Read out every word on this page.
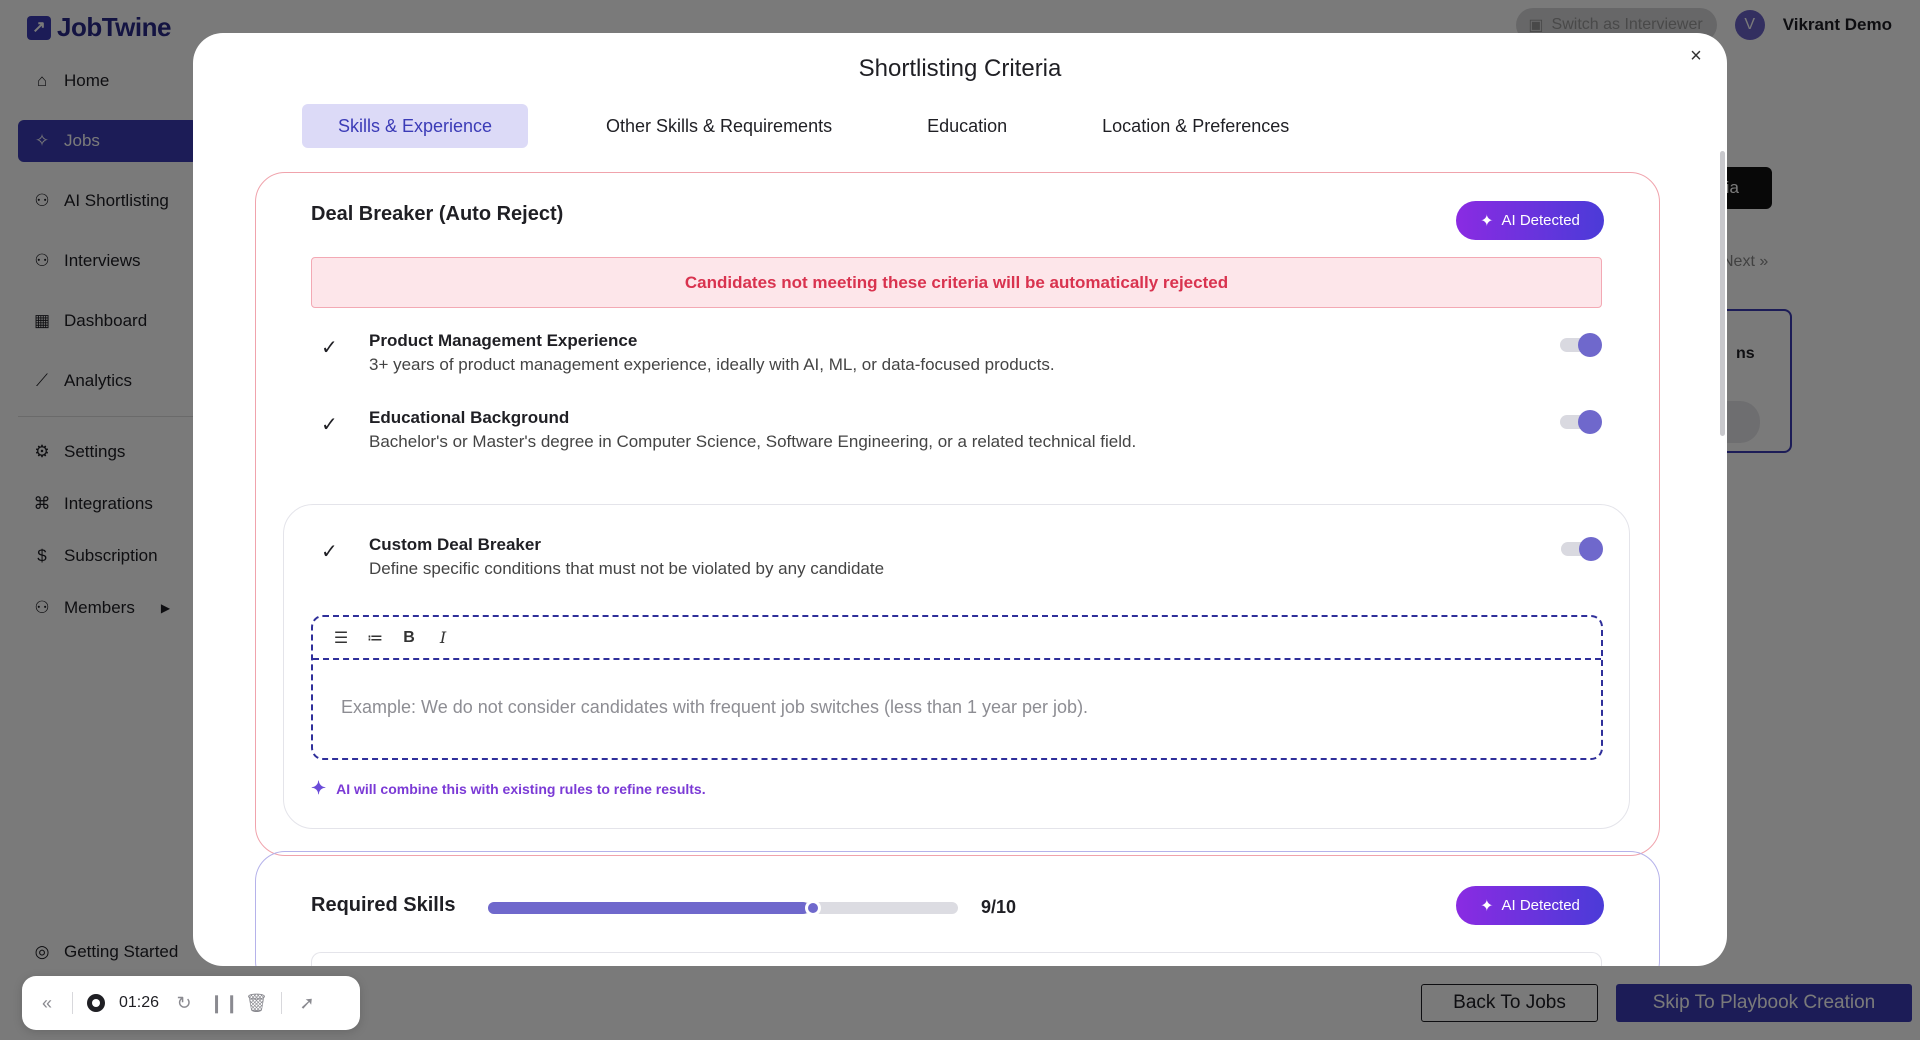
Shortlisting Criteria	×
Skills & Experience	Other Skills & Requirements	Education	Location & Preferences
Deal Breaker (Auto Reject)	✦ AI Detected
Candidates not meeting these criteria will be automatically rejected
✓ Product Management Experience
3+ years of product management experience, ideally with AI, ML, or data-focused products.
✓ Educational Background
Bachelor's or Master's degree in Computer Science, Software Engineering, or a related technical field.
✓ Custom Deal Breaker
Define specific conditions that must not be violated by any candidate
☰ ≔ B	I
Example: We do not consider candidates with frequent job switches (less than 1 year per job).
✦ AI will combine this with existing rules to refine results.
Required Skills	9/10	✦ AI Detected
«	01:26 ↻ ❙❙ 🗑 ➚
